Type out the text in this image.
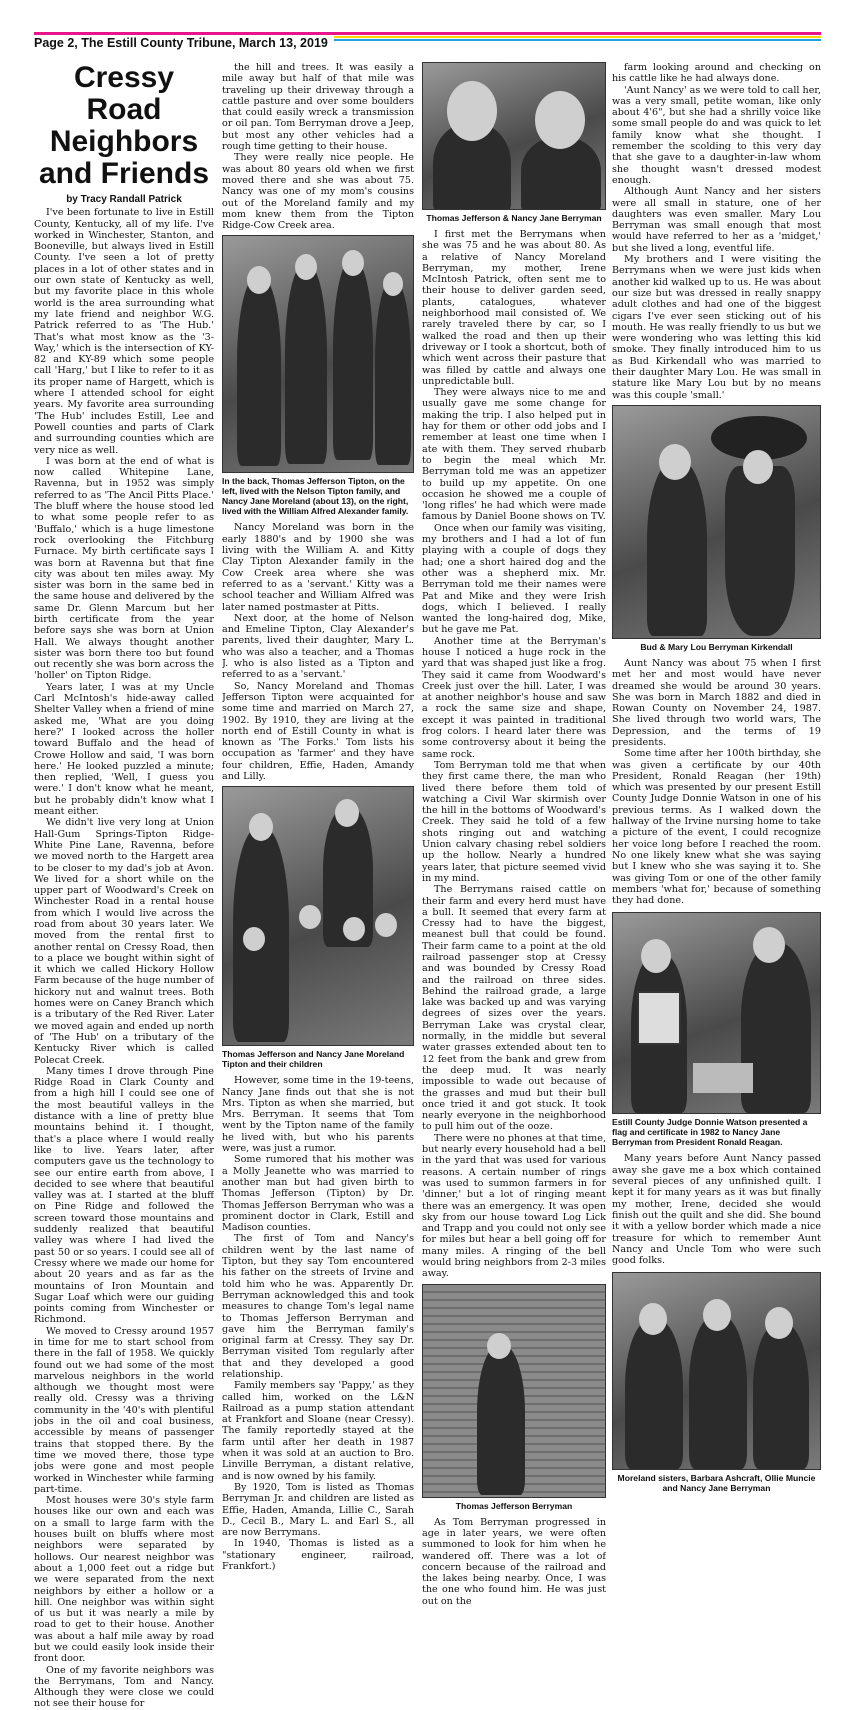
Page 2, The Estill County Tribune, March 13, 2019
Cressy Road Neighbors and Friends
by Tracy Randall Patrick

I've been fortunate to live in Estill County, Kentucky, all of my life. I've worked in Winchester, Stanton, and Booneville, but always lived in Estill County. I've seen a lot of pretty places in a lot of other states and in our own state of Kentucky as well, but my favorite place in this whole world is the area surrounding what my late friend and neighbor W.G. Patrick referred to as 'The Hub.' That's what most know as the '3-Way,' which is the intersection of KY-82 and KY-89 which some people call 'Harg,' but I like to refer to it as its proper name of Hargett, which is where I attended school for eight years. My favorite area surrounding 'The Hub' includes Estill, Lee and Powell counties and parts of Clark and surrounding counties which are very nice as well.

I was born at the end of what is now called Whitepine Lane, Ravenna, but in 1952 was simply referred to as 'The Ancil Pitts Place.' The bluff where the house stood led to what some people refer to as 'Buffalo,' which is a huge limestone rock overlooking the Fitchburg Furnace. My birth certificate says I was born at Ravenna but that fine city was about ten miles away. My sister was born in the same bed in the same house and delivered by the same Dr. Glenn Marcum but her birth certificate from the year before says she was born at Union Hall. We always thought another sister was born there too but found out recently she was born across the 'holler' on Tipton Ridge.

Years later, I was at my Uncle Carl McIntosh's hide-away called Shelter Valley when a friend of mine asked me, 'What are you doing here?' I looked across the holler toward Buffalo and the head of Crowe Hollow and said, 'I was born here.' He looked puzzled a minute; then replied, 'Well, I guess you were.' I don't know what he meant, but he probably didn't know what I meant either.

We didn't live very long at Union Hall-Gum Springs-Tipton Ridge-White Pine Lane, Ravenna, before we moved north to the Hargett area to be closer to my dad's job at Avon. We lived for a short while on the upper part of Woodward's Creek on Winchester Road in a rental house from which I would live across the road from about 30 years later. We moved from the rental first to another rental on Cressy Road, then to a place we bought within sight of it which we called Hickory Hollow Farm because of the huge number of hickory nut and walnut trees. Both homes were on Caney Branch which is a tributary of the Red River. Later we moved again and ended up north of 'The Hub' on a tributary of the Kentucky River which is called Polecat Creek.

Many times I drove through Pine Ridge Road in Clark County and from a high hill I could see one of the most beautiful valleys in the distance with a line of pretty blue mountains behind it. I thought, that's a place where I would really like to live. Years later, after computers gave us the technology to see our entire earth from above, I decided to see where that beautiful valley was at. I started at the bluff on Pine Ridge and followed the screen toward those mountains and suddenly realized that beautiful valley was where I had lived the past 50 or so years. I could see all of Cressy where we made our home for about 20 years and as far as the mountains of Iron Mountain and Sugar Loaf which were our guiding points coming from Winchester or Richmond.

We moved to Cressy around 1957 in time for me to start school from there in the fall of 1958. We quickly found out we had some of the most marvelous neighbors in the world although we thought most were really old. Cressy was a thriving community in the '40's with plentiful jobs in the oil and coal business, accessible by means of passenger trains that stopped there. By the time we moved there, those type jobs were gone and most people worked in Winchester while farming part-time.

Most houses were 30's style farm houses like our own and each was on a small to large farm with the houses built on bluffs where most neighbors were separated by hollows. Our nearest neighbor was about a 1,000 feet out a ridge but we were separated from the next neighbors by either a hollow or a hill. One neighbor was within sight of us but it was nearly a mile by road to get to their house. Another was about a half mile away by road but we could easily look inside their front door.

One of my favorite neighbors was the Berrymans, Tom and Nancy. Although they were close we could not see their house for

the hill and trees. It was easily a mile away but half of that mile was traveling up their driveway through a cattle pasture and over some boulders that could easily wreck a transmission or oil pan. Tom Berryman drove a Jeep, but most any other vehicles had a rough time getting to their house.

They were really nice people. He was about 80 years old when we first moved there and she was about 75. Nancy was one of my mom's cousins out of the Moreland family and my mom knew them from the Tipton Ridge-Cow Creek area.

In the back, Thomas Jefferson Tipton, on the left, lived with the Nelson Tipton family, and Nancy Jane Moreland (about 13), on the right, lived with the William Alfred Alexander family.

Nancy Moreland was born in the early 1880's and by 1900 she was living with the William A. and Kitty Clay Tipton Alexander family in the Cow Creek area where she was referred to as a 'servant.' Kitty was a school teacher and William Alfred was later named postmaster at Pitts.

Next door, at the home of Nelson and Emeline Tipton, Clay Alexander's parents, lived their daughter, Mary L. who was also a teacher, and a Thomas J. who is also listed as a Tipton and referred to as a 'servant.'

So, Nancy Moreland and Thomas Jefferson Tipton were acquainted for some time and married on March 27, 1902. By 1910, they are living at the north end of Estill County in what is known as 'The Forks.' Tom lists his occupation as 'farmer' and they have four children, Effie, Haden, Amandy and Lilly.

Thomas Jefferson and Nancy Jane Moreland Tipton and their children

However, some time in the 19-teens, Nancy Jane finds out that she is not Mrs. Tipton as when she married, but Mrs. Berryman. It seems that Tom went by the Tipton name of the family he lived with, but who his parents were, was just a rumor.

Some rumored that his mother was a Molly Jeanette who was married to another man but had given birth to Thomas Jefferson (Tipton) by Dr. Thomas Jefferson Berryman who was a prominent doctor in Clark, Estill and Madison counties.

The first of Tom and Nancy's children went by the last name of Tipton, but they say Tom encountered his father on the streets of Irvine and told him who he was. Apparently Dr. Berryman acknowledged this and took measures to change Tom's legal name to Thomas Jefferson Berryman and gave him the Berryman family's original farm at Cressy. They say Dr. Berryman visited Tom regularly after that and they developed a good relationship.

Family members say 'Pappy,' as they called him, worked on the L&N Railroad as a pump station attendant at Frankfort and Sloane (near Cressy). The family reportedly stayed at the farm until after her death in 1987 when it was sold at an auction to Bro. Linville Berryman, a distant relative, and is now owned by his family.

By 1920, Tom is listed as Thomas Berryman Jr. and children are listed as Effie, Haden, Amanda, Lillie C., Sarah D., Cecil B., Mary L. and Earl S., all are now Berrymans.

In 1940, Thomas is listed as a "stationary engineer, railroad, Frankfort.)

Thomas Jefferson & Nancy Jane Berryman

I first met the Berrymans when she was 75 and he was about 80. As a relative of Nancy Moreland Berryman, my mother, Irene McIntosh Patrick, often sent me to their house to deliver garden seed, plants, catalogues, whatever neighborhood mail consisted of. We rarely traveled there by car, so I walked the road and then up their driveway or I took a shortcut, both of which went across their pasture that was filled by cattle and always one unpredictable bull.

They were always nice to me and usually gave me some change for making the trip. I also helped put in hay for them or other odd jobs and I remember at least one time when I ate with them. They served rhubarb to begin the meal which Mr. Berryman told me was an appetizer to build up my appetite. On one occasion he showed me a couple of 'long rifles' he had which were made famous by Daniel Boone shows on TV.

Once when our family was visiting, my brothers and I had a lot of fun playing with a couple of dogs they had; one a short haired dog and the other was a shepherd mix. Mr. Berryman told me their names were Pat and Mike and they were Irish dogs, which I believed. I really wanted the long-haired dog, Mike, but he gave me Pat.

Another time at the Berryman's house I noticed a huge rock in the yard that was shaped just like a frog. They said it came from Woodward's Creek just over the hill. Later, I was at another neighbor's house and saw a rock the same size and shape, except it was painted in traditional frog colors. I heard later there was some controversy about it being the same rock.

Tom Berryman told me that when they first came there, the man who lived there before them told of watching a Civil War skirmish over the hill in the bottoms of Woodward's Creek. They said he told of a few shots ringing out and watching Union calvary chasing rebel soldiers up the hollow. Nearly a hundred years later, that picture seemed vivid in my mind.

The Berrymans raised cattle on their farm and every herd must have a bull. It seemed that every farm at Cressy had to have the biggest, meanest bull that could be found. Their farm came to a point at the old railroad passenger stop at Cressy and was bounded by Cressy Road and the railroad on three sides. Behind the railroad grade, a large lake was backed up and was varying degrees of sizes over the years. Berryman Lake was crystal clear, normally, in the middle but several water grasses extended about ten to 12 feet from the bank and grew from the deep mud. It was nearly impossible to wade out because of the grasses and mud but their bull once tried it and got stuck. It took nearly everyone in the neighborhood to pull him out of the ooze.

There were no phones at that time, but nearly every household had a bell in the yard that was used for various reasons. A certain number of rings was used to summon farmers in for 'dinner,' but a lot of ringing meant there was an emergency. It was open sky from our house toward Log Lick and Trapp and you could not only see for miles but hear a bell going off for many miles. A ringing of the bell would bring neighbors from 2-3 miles away.

Thomas Jefferson Berryman

As Tom Berryman progressed in age in later years, we were often summoned to look for him when he wandered off. There was a lot of concern because of the railroad and the lakes being nearby. Once, I was the one who found him. He was just out on the

farm looking around and checking on his cattle like he had always done.

'Aunt Nancy' as we were told to call her, was a very small, petite woman, like only about 4'6", but she had a shrilly voice like some small people do and was quick to let family know what she thought. I remember the scolding to this very day that she gave to a daughter-in-law whom she thought wasn't dressed modest enough.

Although Aunt Nancy and her sisters were all small in stature, one of her daughters was even smaller. Mary Lou Berryman was small enough that most would have referred to her as a 'midget,' but she lived a long, eventful life.

My brothers and I were visiting the Berrymans when we were just kids when another kid walked up to us. He was about our size but was dressed in really snappy adult clothes and had one of the biggest cigars I've ever seen sticking out of his mouth. He was really friendly to us but we were wondering who was letting this kid smoke. They finally introduced him to us as Bud Kirkendall who was married to their daughter Mary Lou. He was small in stature like Mary Lou but by no means was this couple 'small.'

Bud & Mary Lou Berryman Kirkendall

Aunt Nancy was about 75 when I first met her and most would have never dreamed she would be around 30 years. She was born in March 1882 and died in Rowan County on November 24, 1987. She lived through two world wars, The Depression, and the terms of 19 presidents.

Some time after her 100th birthday, she was given a certificate by our 40th President, Ronald Reagan (her 19th) which was presented by our present Estill County Judge Donnie Watson in one of his previous terms. As I walked down the hallway of the Irvine nursing home to take a picture of the event, I could recognize her voice long before I reached the room. No one likely knew what she was saying but I knew who she was saying it to. She was giving Tom or one of the other family members 'what for,' because of something they had done.

Estill County Judge Donnie Watson presented a flag and certificate in 1982 to Nancy Jane Berryman from President Ronald Reagan.

Many years before Aunt Nancy passed away she gave me a box which contained several pieces of any unfinished quilt. I kept it for many years as it was but finally my mother, Irene, decided she would finish out the quilt and she did. She bound it with a yellow border which made a nice treasure for which to remember Aunt Nancy and Uncle Tom who were such good folks.

Moreland sisters, Barbara Ashcraft, Ollie Muncie and Nancy Jane Berryman
